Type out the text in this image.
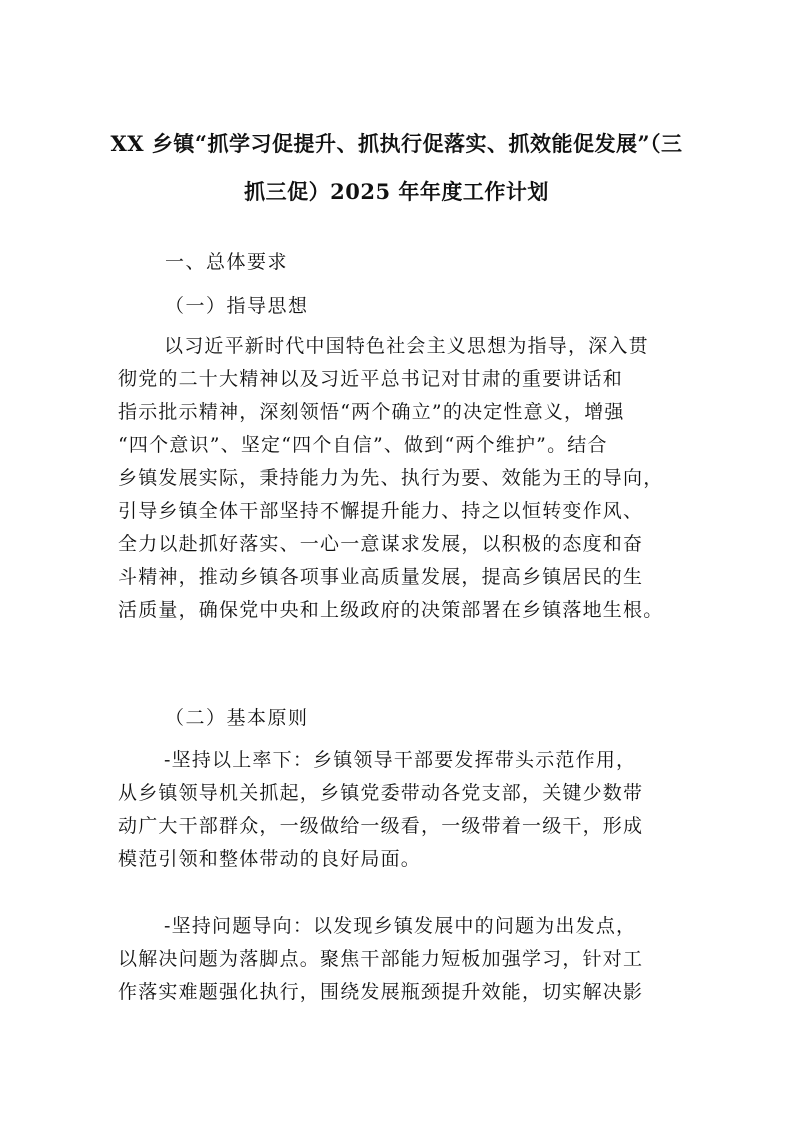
XX 乡镇“抓学习促提升、抓执行促落实、抓效能促发展”（三
抓三促）2025 年年度工作计划
一、总体要求
（一）指导思想
以习近平新时代中国特色社会主义思想为指导，深入贯
彻党的二十大精神以及习近平总书记对甘肃的重要讲话和
指示批示精神，深刻领悟“两个确立”的决定性意义，增强
“四个意识”、坚定“四个自信”、做到“两个维护”。结合
乡镇发展实际，秉持能力为先、执行为要、效能为王的导向，
引导乡镇全体干部坚持不懈提升能力、持之以恒转变作风、
全力以赴抓好落实、一心一意谋求发展，以积极的态度和奋
斗精神，推动乡镇各项事业高质量发展，提高乡镇居民的生
活质量，确保党中央和上级政府的决策部署在乡镇落地生根。
（二）基本原则
-坚持以上率下：乡镇领导干部要发挥带头示范作用，
从乡镇领导机关抓起，乡镇党委带动各党支部，关键少数带
动广大干部群众，一级做给一级看，一级带着一级干，形成
模范引领和整体带动的良好局面。
-坚持问题导向：以发现乡镇发展中的问题为出发点，
以解决问题为落脚点。聚焦干部能力短板加强学习，针对工
作落实难题强化执行，围绕发展瓶颈提升效能，切实解决影
